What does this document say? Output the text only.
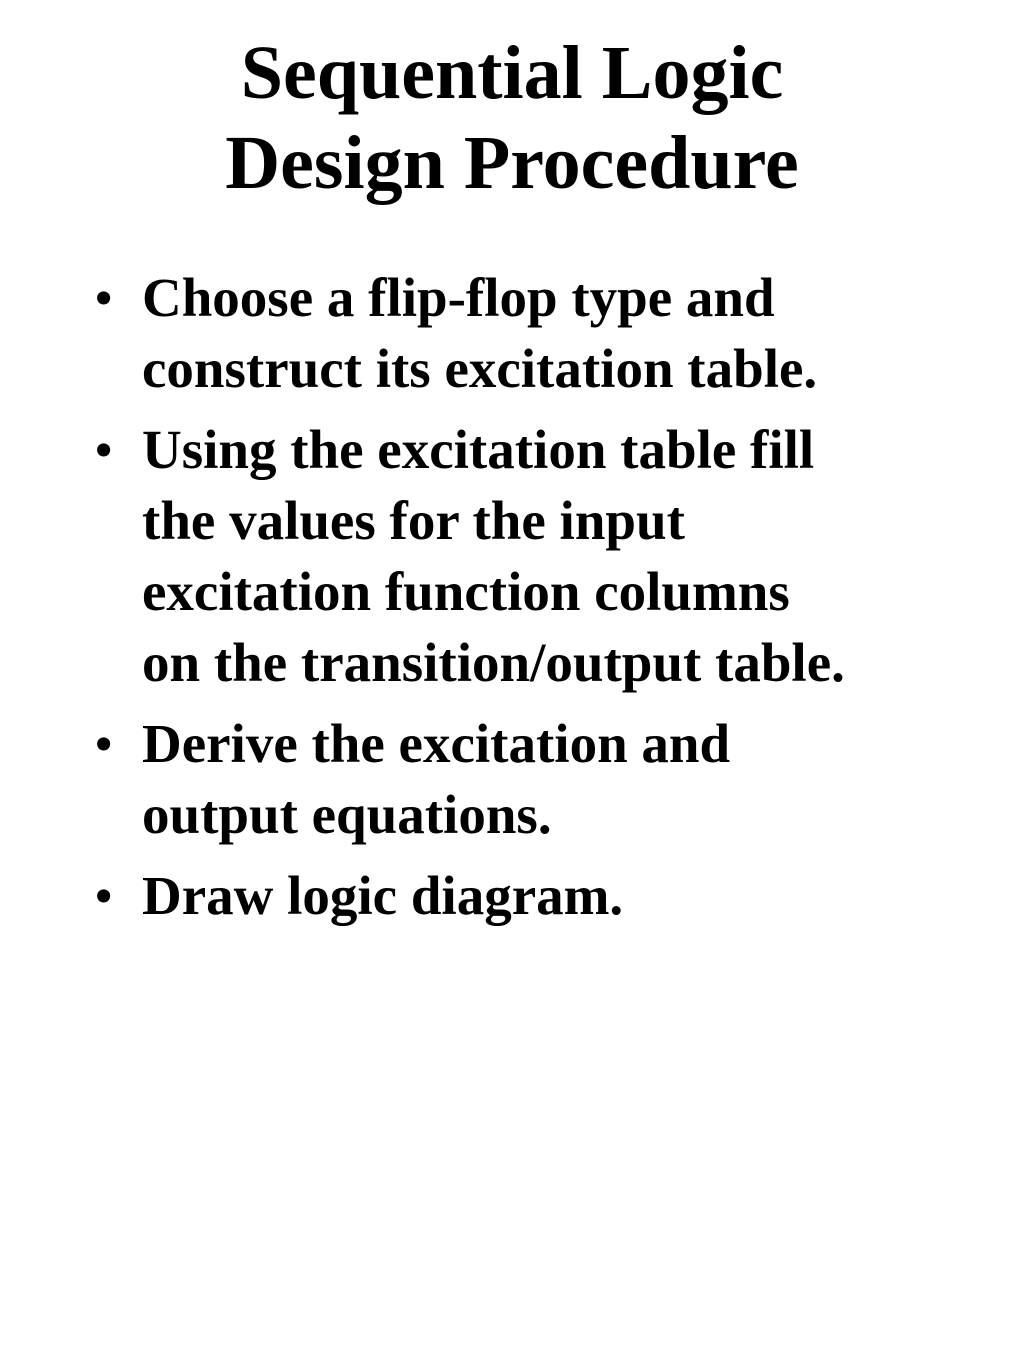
Sequential Logic
Design Procedure
• Choose a flip-flop type and
construct its excitation table.
• Using the excitation table fill
the values for the input
excitation function columns
on the transition/output table.
• Derive the excitation and
output equations.
• Draw logic diagram.
